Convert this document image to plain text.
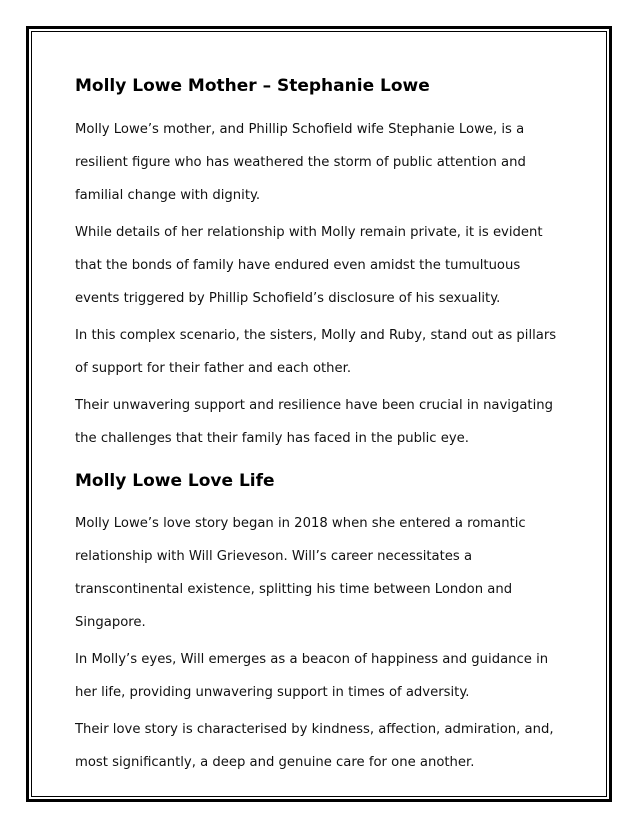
Molly Lowe Mother – Stephanie Lowe

Molly Lowe’s mother, and Phillip Schofield wife Stephanie Lowe, is a resilient figure who has weathered the storm of public attention and familial change with dignity.

While details of her relationship with Molly remain private, it is evident that the bonds of family have endured even amidst the tumultuous events triggered by Phillip Schofield’s disclosure of his sexuality.

In this complex scenario, the sisters, Molly and Ruby, stand out as pillars of support for their father and each other.

Their unwavering support and resilience have been crucial in navigating the challenges that their family has faced in the public eye.

Molly Lowe Love Life

Molly Lowe’s love story began in 2018 when she entered a romantic relationship with Will Grieveson. Will’s career necessitates a transcontinental existence, splitting his time between London and Singapore.

In Molly’s eyes, Will emerges as a beacon of happiness and guidance in her life, providing unwavering support in times of adversity.

Their love story is characterised by kindness, affection, admiration, and, most significantly, a deep and genuine care for one another.
